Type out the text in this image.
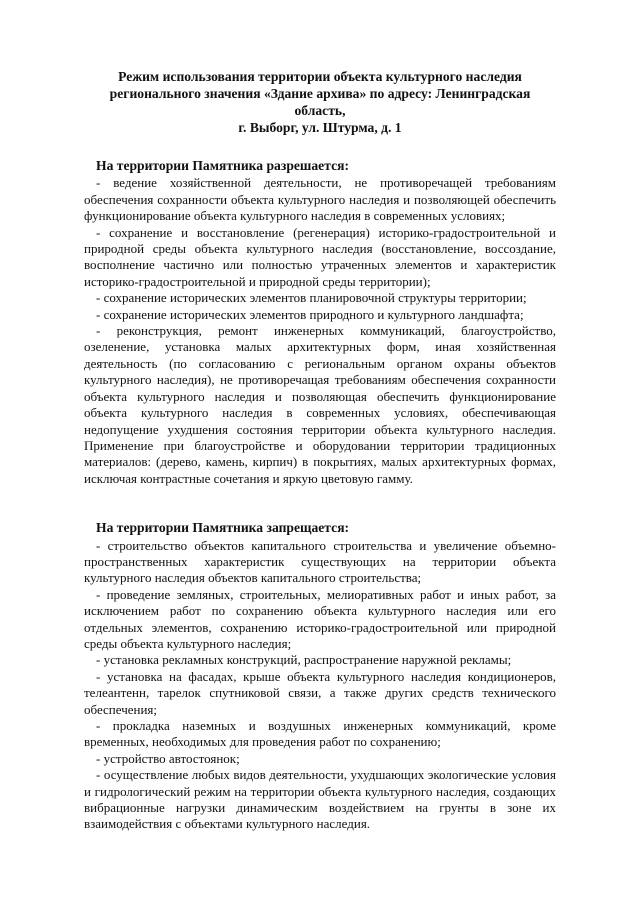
Режим использования территории объекта культурного наследия
регионального значения «Здание архива» по адресу: Ленинградская область,
г. Выборг, ул. Штурма, д. 1

На территории Памятника разрешается:

- ведение хозяйственной деятельности, не противоречащей требованиям обеспечения сохранности объекта культурного наследия и позволяющей обеспечить функционирование объекта культурного наследия в современных условиях;

- сохранение и восстановление (регенерация) историко-градостроительной и природной среды объекта культурного наследия (восстановление, воссоздание, восполнение частично или полностью утраченных элементов и характеристик историко-градостроительной и природной среды территории);

- сохранение исторических элементов планировочной структуры территории;

- сохранение исторических элементов природного и культурного ландшафта;

- реконструкция, ремонт инженерных коммуникаций, благоустройство, озеленение, установка малых архитектурных форм, иная хозяйственная деятельность (по согласованию с региональным органом охраны объектов культурного наследия), не противоречащая требованиям обеспечения сохранности объекта культурного наследия и позволяющая обеспечить функционирование объекта культурного наследия в современных условиях, обеспечивающая недопущение ухудшения состояния территории объекта культурного наследия. Применение при благоустройстве и оборудовании территории традиционных материалов: (дерево, камень, кирпич) в покрытиях, малых архитектурных формах, исключая контрастные сочетания и яркую цветовую гамму.

На территории Памятника запрещается:

- строительство объектов капитального строительства и увеличение объемно-пространственных характеристик существующих на территории объекта культурного наследия объектов капитального строительства;

- проведение земляных, строительных, мелиоративных работ и иных работ, за исключением работ по сохранению объекта культурного наследия или его отдельных элементов, сохранению историко-градостроительной или природной среды объекта культурного наследия;

- установка рекламных конструкций, распространение наружной рекламы;

- установка на фасадах, крыше объекта культурного наследия кондиционеров, телеантенн, тарелок спутниковой связи, а также других средств технического обеспечения;

- прокладка наземных и воздушных инженерных коммуникаций, кроме временных, необходимых для проведения работ по сохранению;

- устройство автостоянок;

- осуществление любых видов деятельности, ухудшающих экологические условия и гидрологический режим на территории объекта культурного наследия, создающих вибрационные нагрузки динамическим воздействием на грунты в зоне их взаимодействия с объектами культурного наследия.
